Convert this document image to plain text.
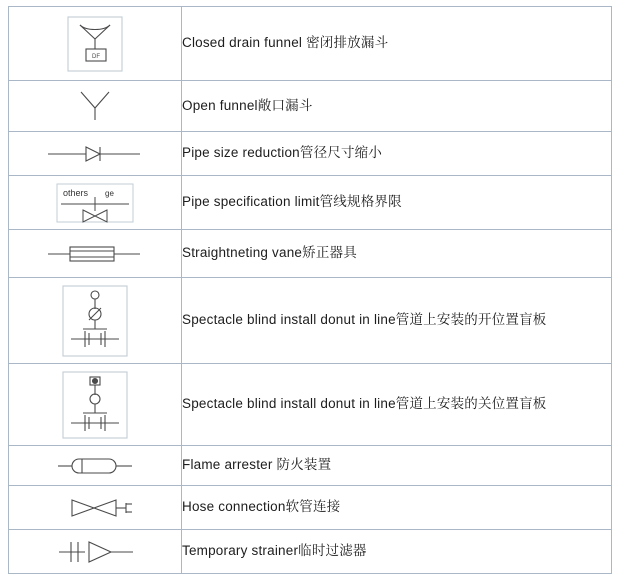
DF	Closed drain funnel 密闭排放漏斗

	Open funnel敞口漏斗

	Pipe size reduction管径尺寸缩小

others ge	Pipe specification limit管线规格界限

	Straightneting vane矫正器具

	Spectacle blind install donut in line管道上安装的开位置盲板

	Spectacle blind install donut in line管道上安装的关位置盲板

	Flame arrester 防火装置

	Hose connection软管连接

	Temporary strainer临时过滤器
